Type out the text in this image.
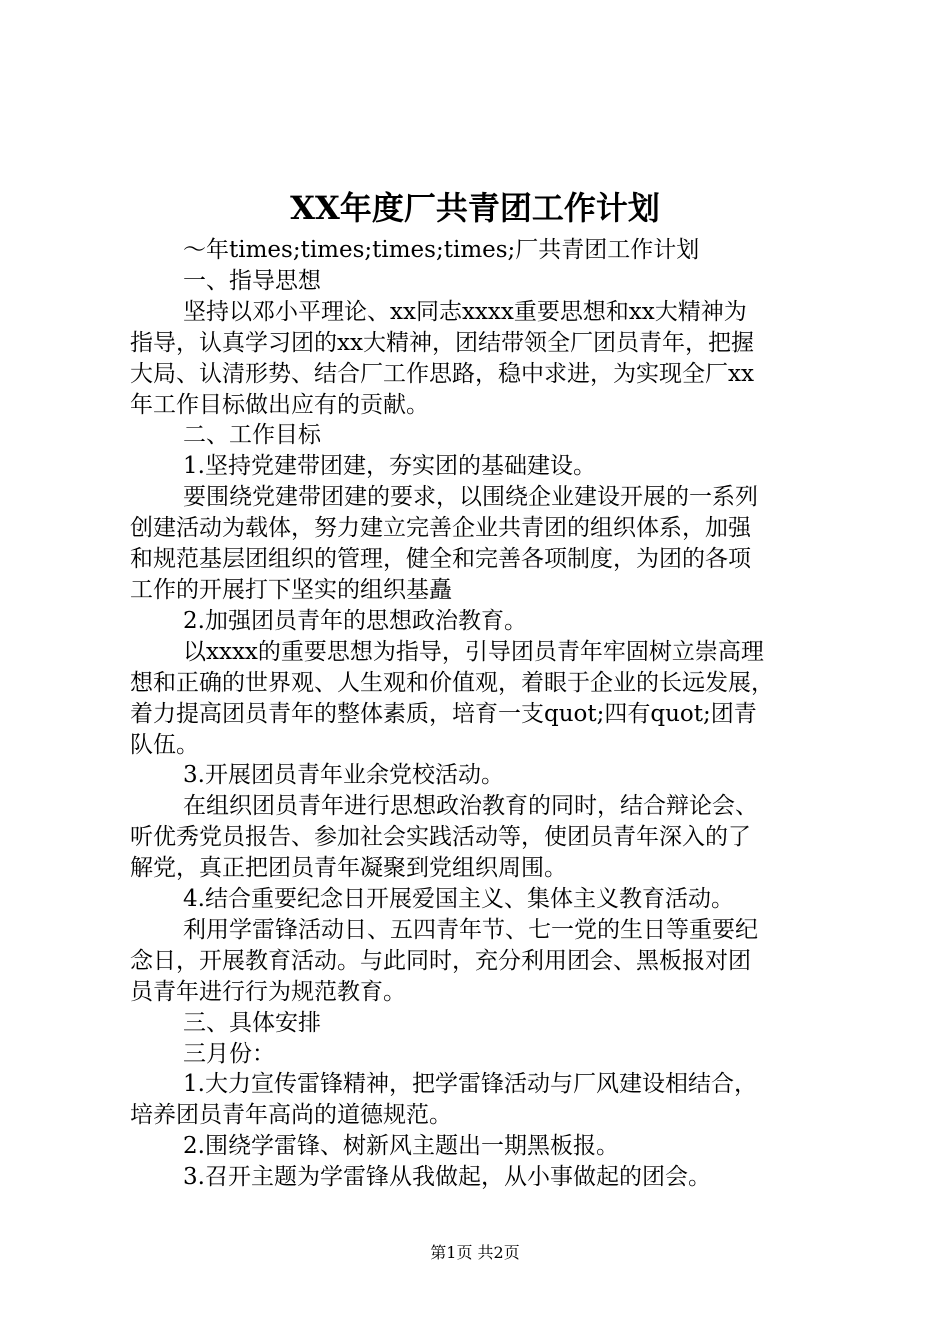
XX年度厂共青团工作计划

～年times;times;times;times;厂共青团工作计划

一、指导思想

坚持以邓小平理论、xx同志xxxx重要思想和xx大精神为

指导，认真学习团的xx大精神，团结带领全厂团员青年，把握

大局、认清形势、结合厂工作思路，稳中求进，为实现全厂xx

年工作目标做出应有的贡献。

二、工作目标

1.坚持党建带团建，夯实团的基础建设。

要围绕党建带团建的要求，以围绕企业建设开展的一系列

创建活动为载体，努力建立完善企业共青团的组织体系，加强

和规范基层团组织的管理，健全和完善各项制度，为团的各项

工作的开展打下坚实的组织基矗

2.加强团员青年的思想政治教育。

以xxxx的重要思想为指导，引导团员青年牢固树立崇高理

想和正确的世界观、人生观和价值观，着眼于企业的长远发展，

着力提高团员青年的整体素质，培育一支quot;四有quot;团青

队伍。

3.开展团员青年业余党校活动。

在组织团员青年进行思想政治教育的同时，结合辩论会、

听优秀党员报告、参加社会实践活动等，使团员青年深入的了

解党，真正把团员青年凝聚到党组织周围。

4.结合重要纪念日开展爱国主义、集体主义教育活动。

利用学雷锋活动日、五四青年节、七一党的生日等重要纪

念日，开展教育活动。与此同时，充分利用团会、黑板报对团

员青年进行行为规范教育。

三、具体安排

三月份：

1.大力宣传雷锋精神，把学雷锋活动与厂风建设相结合，

培养团员青年高尚的道德规范。

2.围绕学雷锋、树新风主题出一期黑板报。

3.召开主题为学雷锋从我做起，从小事做起的团会。

第1页 共2页
